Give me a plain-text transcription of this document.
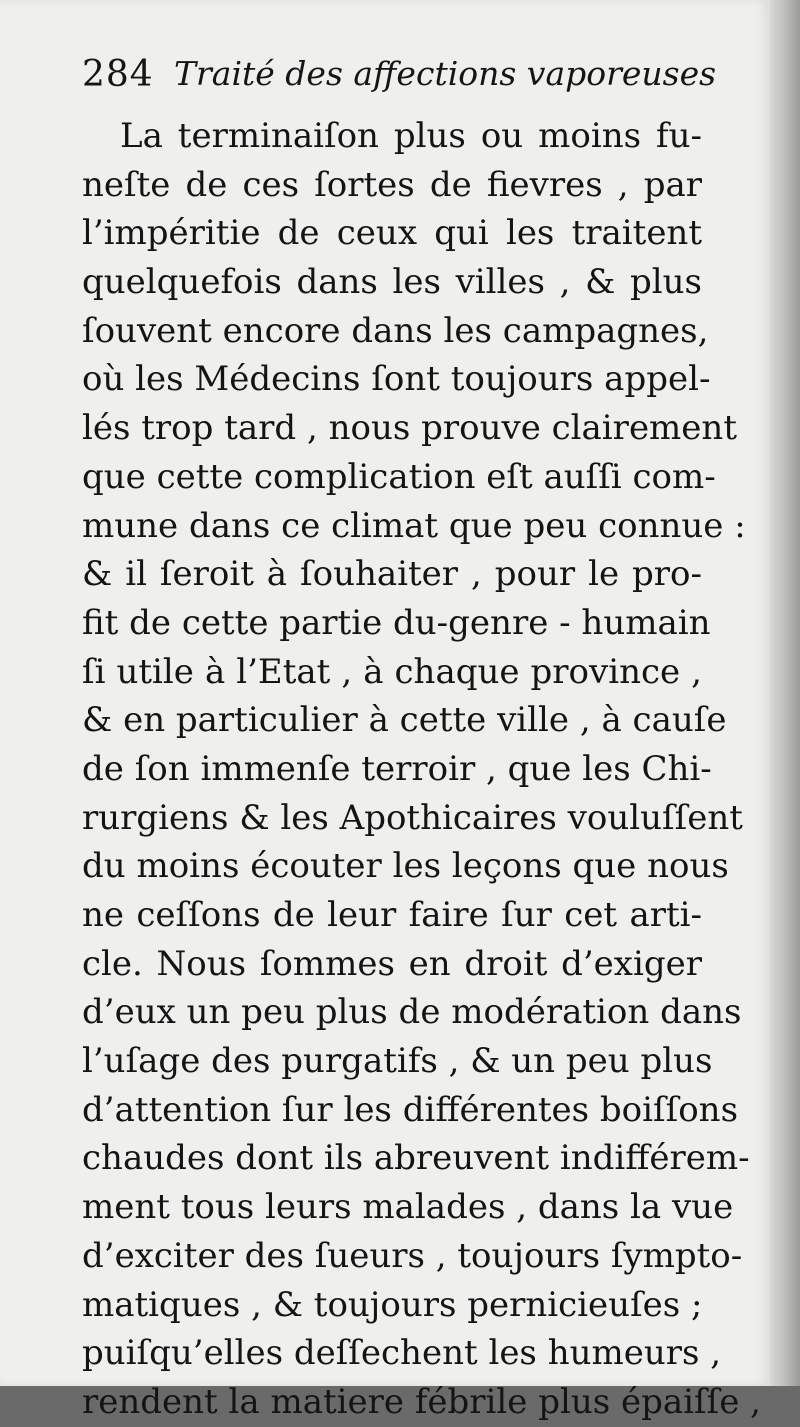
284 Traité des affections vaporeuses
La terminaiſon plus ou moins fu-
neſte de ces ſortes de fievres , par
l’impéritie de ceux qui les traitent
quelquefois dans les villes , & plus
ſouvent encore dans les campagnes,
où les Médecins ſont toujours appel-
lés trop tard , nous prouve clairement
que cette complication eſt auſſi com-
mune dans ce climat que peu connue :
& il ſeroit à ſouhaiter , pour le pro-
fit de cette partie du-genre - humain
ſi utile à l’Etat , à chaque province ,
& en particulier à cette ville , à cauſe
de ſon immenſe terroir , que les Chi-
rurgiens & les Apothicaires vouluſſent
du moins écouter les leçons que nous
ne ceſſons de leur faire ſur cet arti-
cle. Nous ſommes en droit d’exiger
d’eux un peu plus de modération dans
l’uſage des purgatifs , & un peu plus
d’attention ſur les différentes boiſſons
chaudes dont ils abreuvent indifférem-
ment tous leurs malades , dans la vue
d’exciter des ſueurs , toujours ſympto-
matiques , & toujours pernicieuſes ;
puiſqu’elles deſſechent les humeurs ,
rendent la matiere fébrile plus épaiſſe ,
